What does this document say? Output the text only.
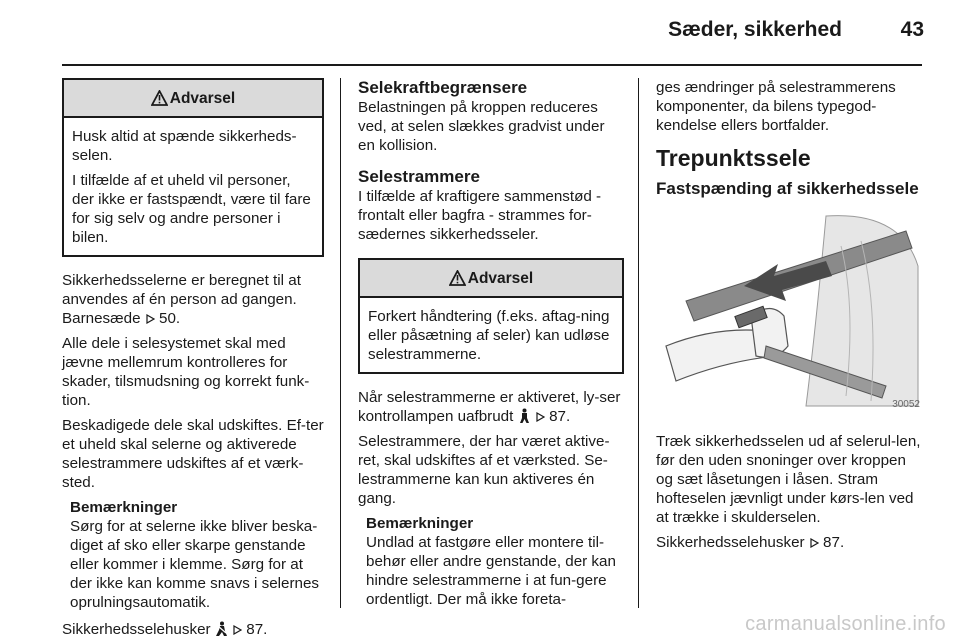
Sæder, sikkerhed	43
Advarsel

Husk altid at spænde sikkerheds-selen.

I tilfælde af et uheld vil personer, der ikke er fastspændt, være til fare for sig selv og andre personer i bilen.

Sikkerhedsselerne er beregnet til at anvendes af én person ad gangen. Barnesæde 50.

Alle dele i selesystemet skal med jævne mellemrum kontrolleres for skader, tilsmudsning og korrekt funk-tion.

Beskadigede dele skal udskiftes. Ef-ter et uheld skal selerne og aktiverede selestrammere udskiftes af et værk-sted.

Bemærkninger
Sørg for at selerne ikke bliver beska-diget af sko eller skarpe genstande eller kommer i klemme. Sørg for at der ikke kan komme snavs i selernes oprulningsautomatik.

Sikkerhedsselehusker 87.

Selekraftbegrænsere

Belastningen på kroppen reduceres ved, at selen slækkes gradvist under en kollision.

Selestrammere

I tilfælde af kraftigere sammenstød - frontalt eller bagfra - strammes for-sædernes sikkerhedsseler.

Advarsel

Forkert håndtering (f.eks. aftag-ning eller påsætning af seler) kan udløse selestrammerne.

Når selestrammerne er aktiveret, ly-ser kontrollampen uafbrudt 87.

Selestrammere, der har været aktive-ret, skal udskiftes af et værksted. Se-lestrammerne kan kun aktiveres én gang.

Bemærkninger
Undlad at fastgøre eller montere til-behør eller andre genstande, der kan hindre selestrammerne i at fun-gere ordentligt. Der må ikke foreta-

ges ændringer på selestrammerens komponenter, da bilens typegod-kendelse ellers bortfalder.

Trepunktssele
Fastspænding af sikkerhedssele
30052

Træk sikkerhedsselen ud af selerul-len, før den uden snoninger over kroppen og sæt låsetungen i låsen. Stram hofteselen jævnligt under kørs-len ved at trække i skulderselen.

Sikkerhedsselehusker 87.

carmanualsonline.info
